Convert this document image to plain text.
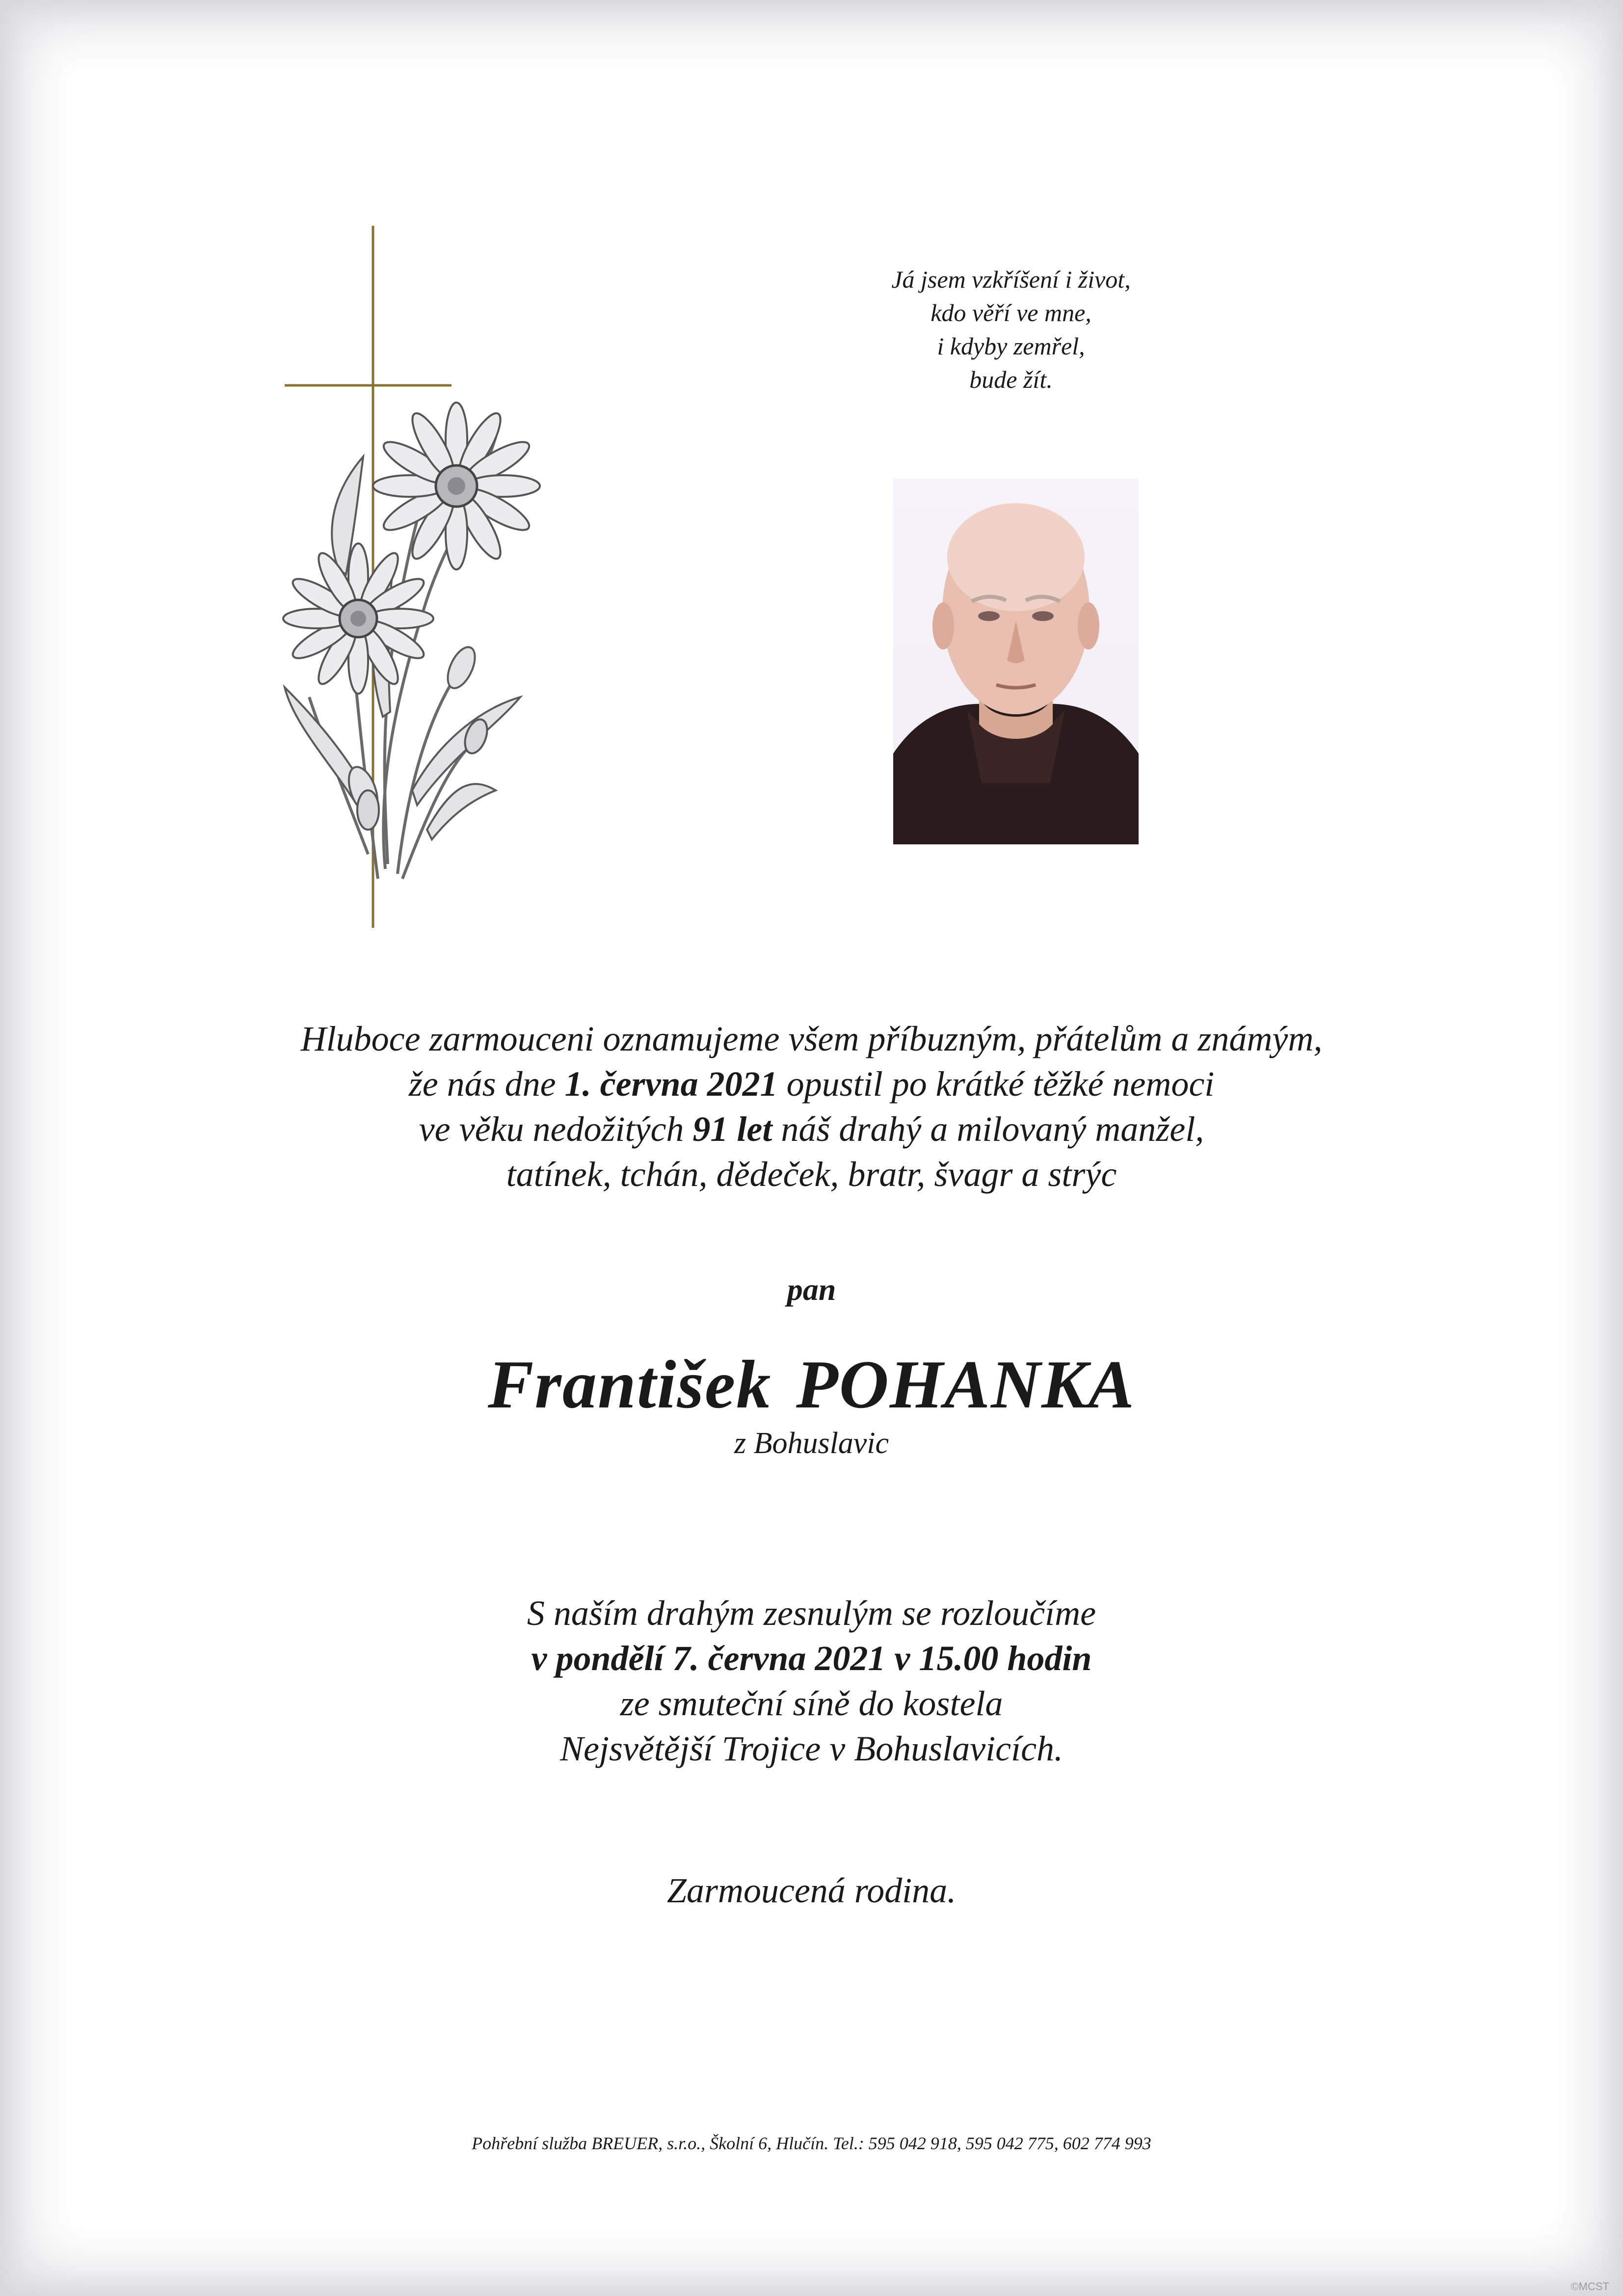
Já jsem vzkříšení i život,
kdo věří ve mne,
i kdyby zemřel,
bude žít.
Hluboce zarmouceni oznamujeme všem příbuzným, přátelům a známým,
že nás dne 1. června 2021 opustil po krátké těžké nemoci
ve věku nedožitých 91 let náš drahý a milovaný manžel,
tatínek, tchán, dědeček, bratr, švagr a strýc
pan
František POHANKA
z Bohuslavic
S naším drahým zesnulým se rozloučíme
v pondělí 7. června 2021 v 15.00 hodin
ze smuteční síně do kostela
Nejsvětější Trojice v Bohuslavicích.
Zarmoucená rodina.
Pohřební služba BREUER, s.r.o., Školní 6, Hlučín. Tel.: 595 042 918, 595 042 775, 602 774 993
©MCST
